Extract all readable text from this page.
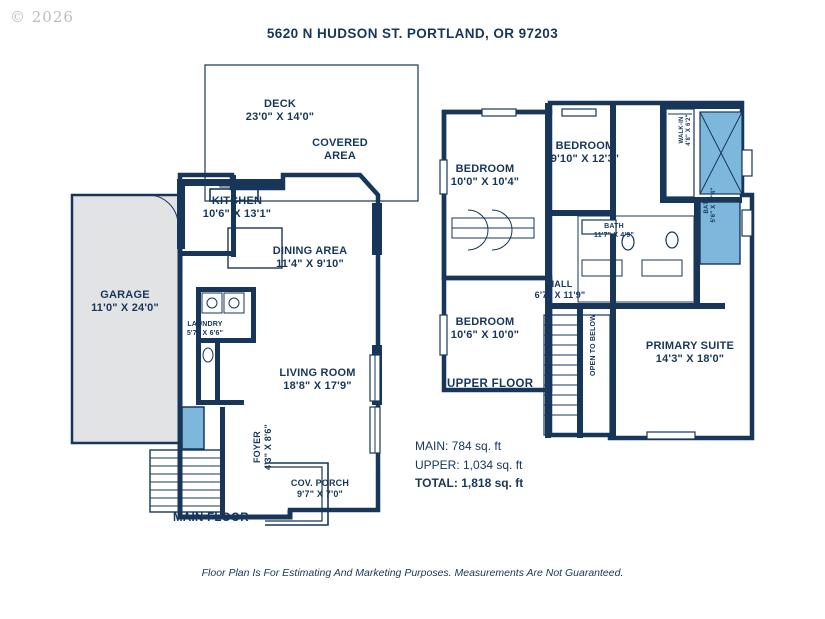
© 2026
5620 N HUDSON ST. PORTLAND, OR 97203
DECK
23'0" X 14'0"
COVERED
AREA
KITCHEN
10'6" X 13'1"
DINING AREA
11'4" X 9'10"
GARAGE
11'0" X 24'0"
LAUNDRY
5'7" X 6'6"
LIVING ROOM
18'8" X 17'9"
FOYER 4'3" X 8'6"
COV. PORCH
9'7" X 7'0"
MAIN FLOOR
BEDROOM
9'10" X 12'3"
BEDROOM
10'0" X 10'4"
BEDROOM
10'6" X 10'0"
WALK-IN 4'8" X 6'2"
BATH
11'7" X 4'9"
BATH 5'6" X 17'4"
HALL
6'7" X 11'9"
OPEN TO BELOW	PRIMARY SUITE
14'3" X 18'0"
UPPER FLOOR
MAIN: 784 sq. ft
UPPER: 1,034 sq. ft
TOTAL: 1,818 sq. ft
Floor Plan Is For Estimating And Marketing Purposes. Measurements Are Not Guaranteed.
